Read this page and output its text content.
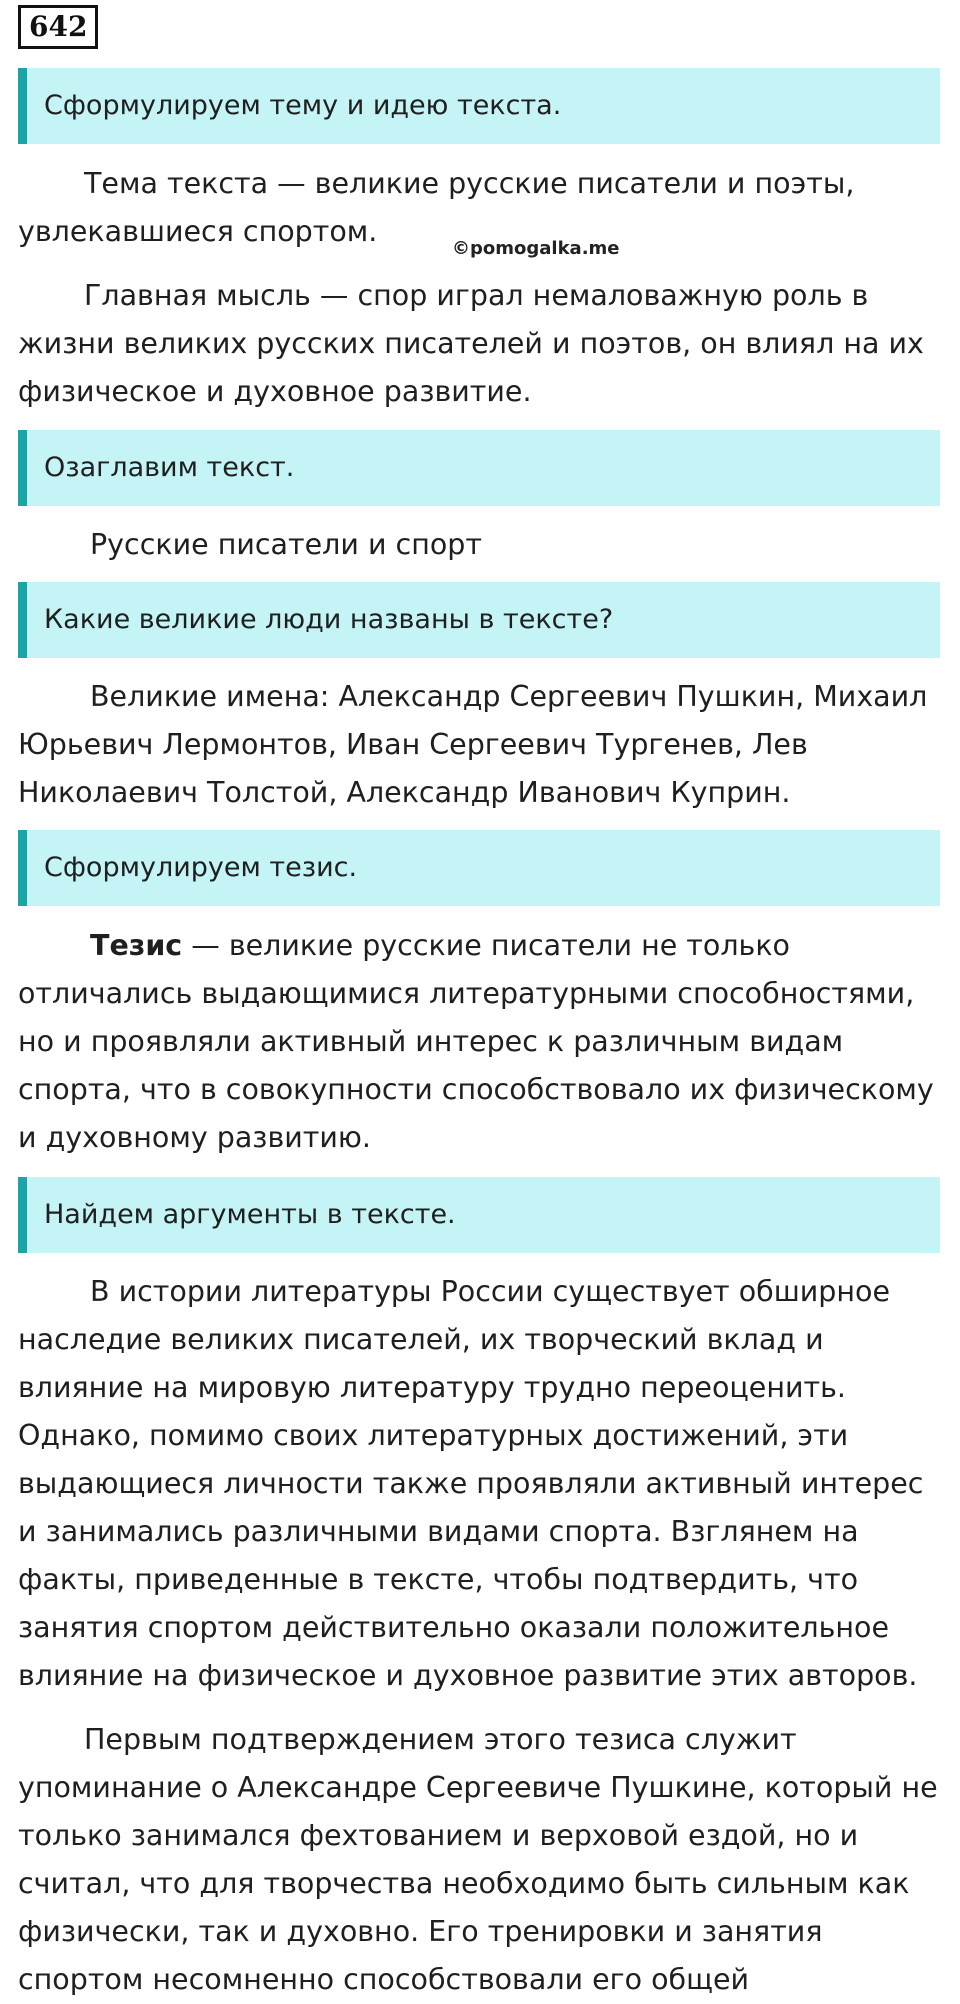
642
Сформулируем тему и идею текста.
Тема текста — великие русские писатели и поэты,
увлекавшиеся спортом.
©pomogalka.me
Главная мысль — спор играл немаловажную роль в
жизни великих русских писателей и поэтов, он влиял на их
физическое и духовное развитие.
Озаглавим текст.
Русские писатели и спорт
Какие великие люди названы в тексте?
Великие имена: Александр Сергеевич Пушкин, Михаил
Юрьевич Лермонтов, Иван Сергеевич Тургенев, Лев
Николаевич Толстой, Александр Иванович Куприн.
Сформулируем тезис.
Тезис — великие русские писатели не только
отличались выдающимися литературными способностями,
но и проявляли активный интерес к различным видам
спорта, что в совокупности способствовало их физическому
и духовному развитию.
Найдем аргументы в тексте.
В истории литературы России существует обширное
наследие великих писателей, их творческий вклад и
влияние на мировую литературу трудно переоценить.
Однако, помимо своих литературных достижений, эти
выдающиеся личности также проявляли активный интерес
и занимались различными видами спорта. Взглянем на
факты, приведенные в тексте, чтобы подтвердить, что
занятия спортом действительно оказали положительное
влияние на физическое и духовное развитие этих авторов.
Первым подтверждением этого тезиса служит
упоминание о Александре Сергеевиче Пушкине, который не
только занимался фехтованием и верховой ездой, но и
считал, что для творчества необходимо быть сильным как
физически, так и духовно. Его тренировки и занятия
спортом несомненно способствовали его общей
